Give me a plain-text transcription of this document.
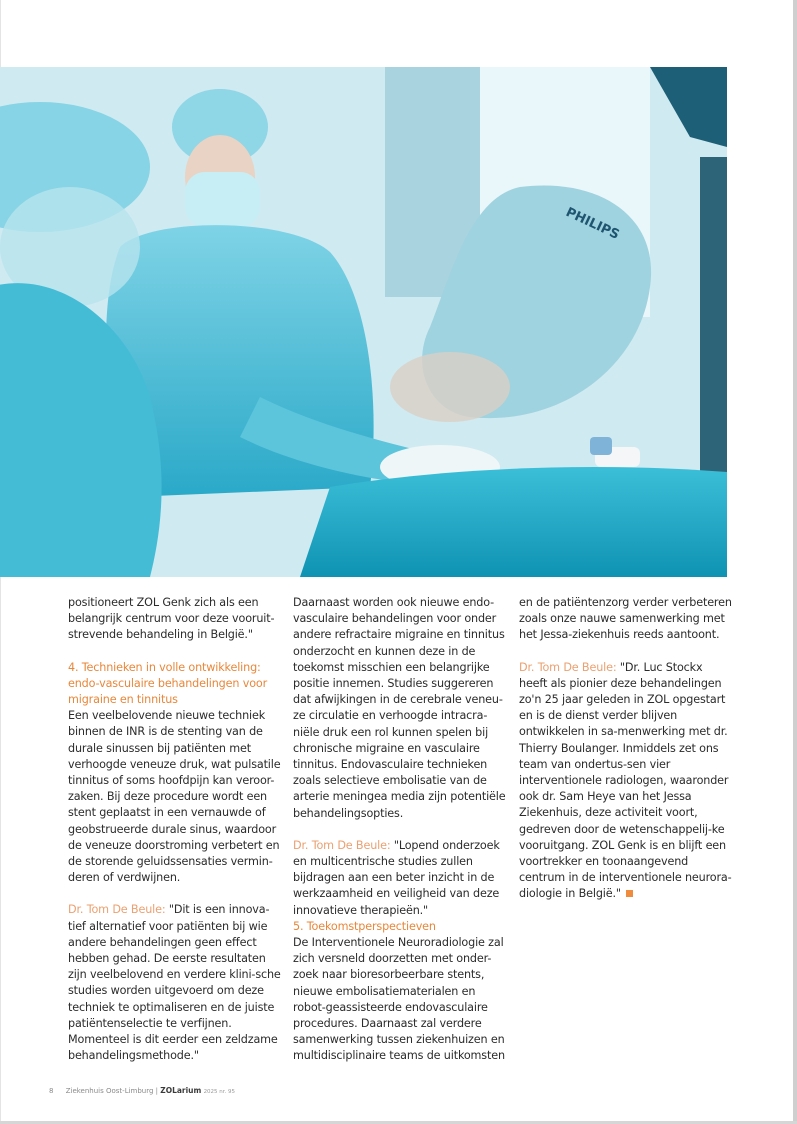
PHILIPS

positioneert ZOL Genk zich als een belangrijk centrum voor deze vooruit-strevende behandeling in België."

4. Technieken in volle ontwikkeling: endo-vasculaire behandelingen voor migraine en tinnitus

Een veelbelovende nieuwe techniek binnen de INR is de stenting van de durale sinussen bij patiënten met verhoogde veneuze druk, wat pulsatile tinnitus of soms hoofdpijn kan veroor-zaken. Bij deze procedure wordt een stent geplaatst in een vernauwde of geobstrueerde durale sinus, waardoor de veneuze doorstroming verbetert en de storende geluidssensaties vermin-deren of verdwijnen.

Dr. Tom De Beule: "Dit is een innova-tief alternatief voor patiënten bij wie andere behandelingen geen effect hebben gehad. De eerste resultaten zijn veelbelovend en verdere klini-sche studies worden uitgevoerd om deze techniek te optimaliseren en de juiste patiëntenselectie te verfijnen. Momenteel is dit eerder een zeldzame behandelingsmethode."

Daarnaast worden ook nieuwe endo-vasculaire behandelingen voor onder andere refractaire migraine en tinnitus onderzocht en kunnen deze in de toekomst misschien een belangrijke positie innemen. Studies suggereren dat afwijkingen in de cerebrale veneu-ze circulatie en verhoogde intracra-niële druk een rol kunnen spelen bij chronische migraine en vasculaire tinnitus. Endovasculaire technieken zoals selectieve embolisatie van de arterie meningea media zijn potentiële behandelingsopties.

Dr. Tom De Beule: "Lopend onderzoek en multicentrische studies zullen bijdragen aan een beter inzicht in de werkzaamheid en veiligheid van deze innovatieve therapieën."

5. Toekomstperspectieven

De Interventionele Neuroradiologie zal zich versneld doorzetten met onder-zoek naar bioresorbeerbare stents, nieuwe embolisatiematerialen en robot-geassisteerde endovasculaire procedures. Daarnaast zal verdere samenwerking tussen ziekenhuizen en multidisciplinaire teams de uitkomsten

en de patiëntenzorg verder verbeteren zoals onze nauwe samenwerking met het Jessa-ziekenhuis reeds aantoont.

Dr. Tom De Beule: "Dr. Luc Stockx heeft als pionier deze behandelingen zo'n 25 jaar geleden in ZOL opgestart en is de dienst verder blijven ontwikkelen in sa-menwerking met dr. Thierry Boulanger. Inmiddels zet ons team van ondertus-sen vier interventionele radiologen, waaronder ook dr. Sam Heye van het Jessa Ziekenhuis, deze activiteit voort, gedreven door de wetenschappelij-ke vooruitgang. ZOL Genk is en blijft een voortrekker en toonaangevend centrum in de interventionele neurora-diologie in België."

8 Ziekenhuis Oost-Limburg | ZOLarium 2025 nr. 95
